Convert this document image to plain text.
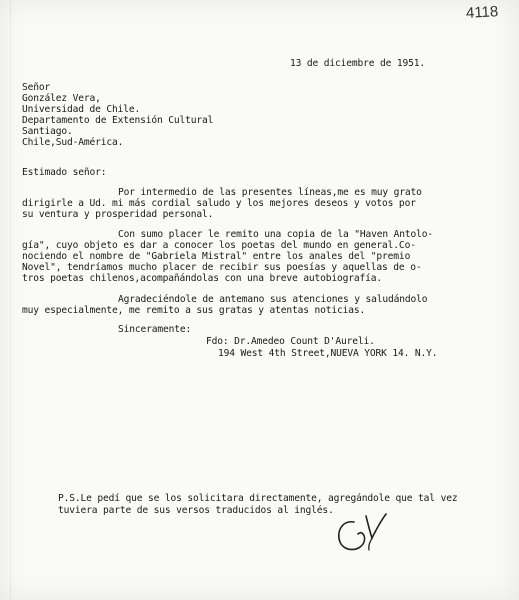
4118
13 de diciembre de 1951.
Señor
González Vera,
Universidad de Chile.
Departamento de Extensión Cultural
Santiago.
Chile,Sud-América.
Estimado señor:
Por intermedio de las presentes líneas,me es muy grato
dirigirle a Ud. mi más cordial saludo y los mejores deseos y votos por
su ventura y prosperidad personal.
Con sumo placer le remito una copia de la "Haven Antolo-
gía", cuyo objeto es dar a conocer los poetas del mundo en general.Co-
nociendo el nombre de "Gabriela Mistral" entre los anales del "premio
Novel", tendríamos mucho placer de recibir sus poesías y aquellas de o-
tros poetas chilenos,acompañándolas con una breve autobiografía.
Agradeciéndole de antemano sus atenciones y saludándolo
muy especialmente, me remito a sus gratas y atentas noticias.
Sinceramente:
Fdo: Dr.Amedeo Count D'Aureli.
194 West 4th Street,NUEVA YORK 14. N.Y.
P.S.Le pedí que se los solicitara directamente, agregándole que tal vez
tuviera parte de sus versos traducidos al inglés.
